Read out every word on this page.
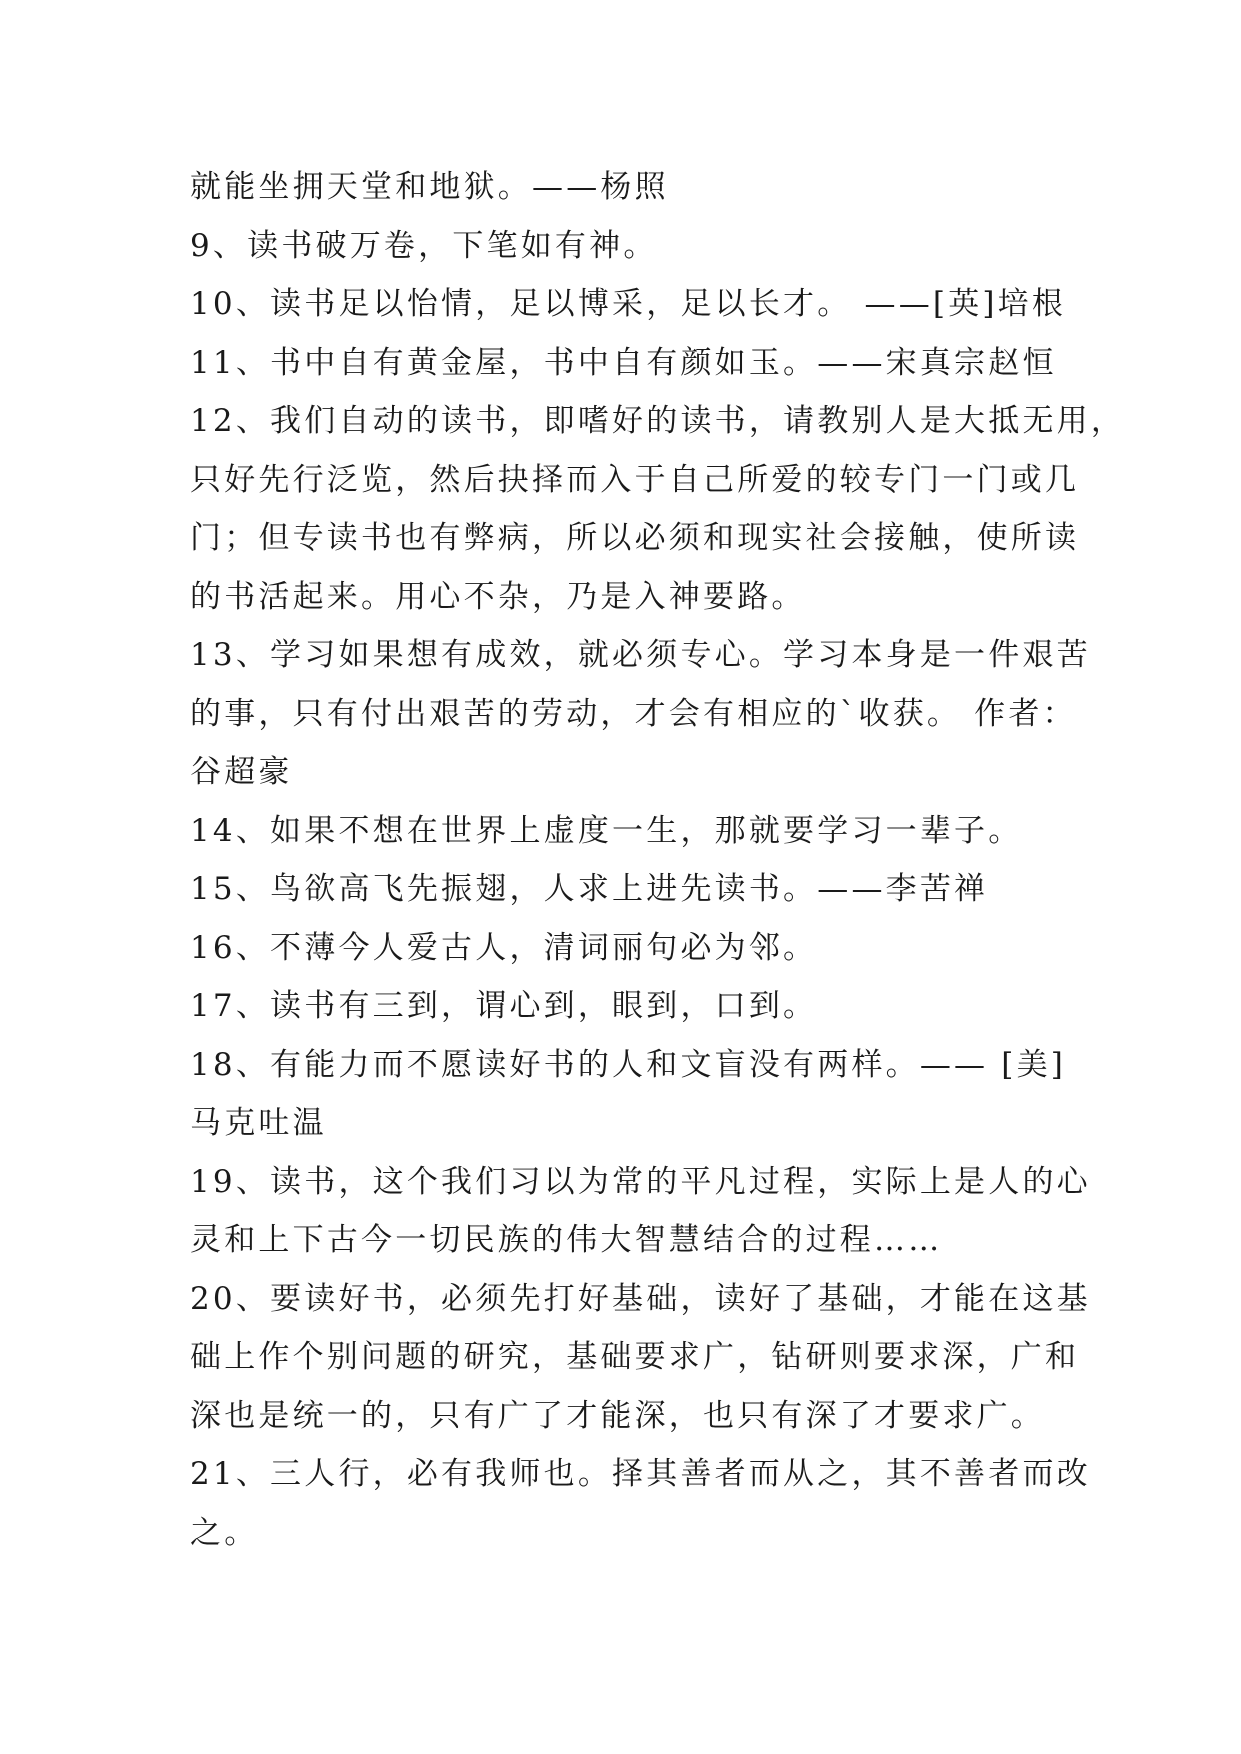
就能坐拥天堂和地狱。——杨照
9、读书破万卷，下笔如有神。
10、读书足以怡情，足以博采，足以长才。 ——[英]培根
11、书中自有黄金屋，书中自有颜如玉。——宋真宗赵恒
12、我们自动的读书，即嗜好的读书，请教别人是大抵无用，
只好先行泛览，然后抉择而入于自己所爱的较专门一门或几
门；但专读书也有弊病，所以必须和现实社会接触，使所读
的书活起来。用心不杂，乃是入神要路。
13、学习如果想有成效，就必须专心。学习本身是一件艰苦
的事，只有付出艰苦的劳动，才会有相应的`收获。 作者：
谷超豪
14、如果不想在世界上虚度一生，那就要学习一辈子。
15、鸟欲高飞先振翅，人求上进先读书。——李苦禅
16、不薄今人爱古人，清词丽句必为邻。
17、读书有三到，谓心到，眼到，口到。
18、有能力而不愿读好书的人和文盲没有两样。—— [美]
马克吐温
19、读书，这个我们习以为常的平凡过程，实际上是人的心
灵和上下古今一切民族的伟大智慧结合的过程……
20、要读好书，必须先打好基础，读好了基础，才能在这基
础上作个别问题的研究，基础要求广，钻研则要求深，广和
深也是统一的，只有广了才能深，也只有深了才要求广。
21、三人行，必有我师也。择其善者而从之，其不善者而改
之。
